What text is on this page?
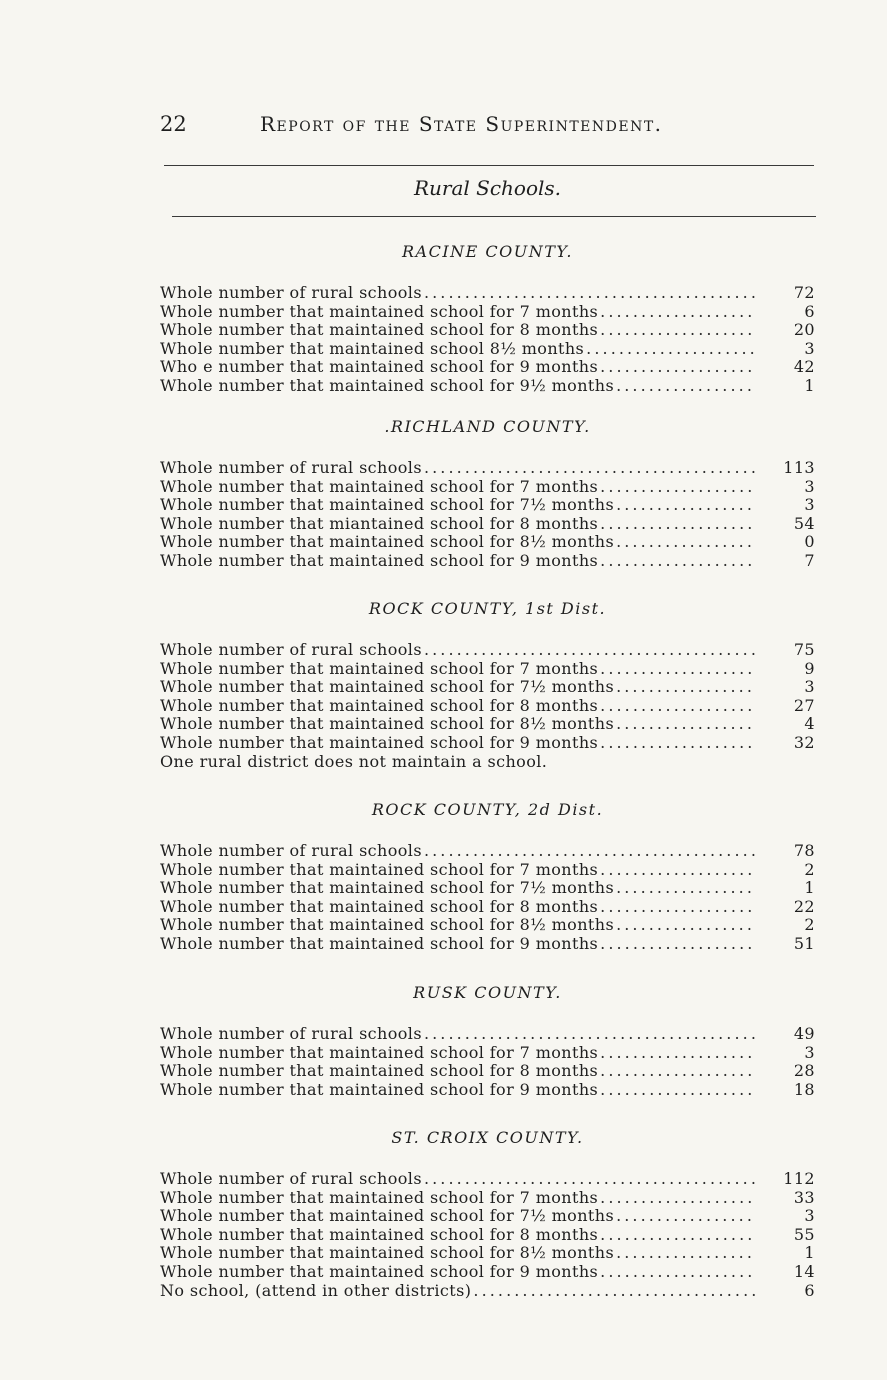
22	Report of the State Superintendent.
Rural Schools.
RACINE COUNTY.
Whole number of rural schools . . .	72
Whole number that maintained school for 7 months . . .	6
Whole number that maintained school for 8 months . . .	20
Whole number that maintained school 8½ months . . .	3
Who e number that maintained school for 9 months . . .	42
Whole number that maintained school for 9½ months . . .	1
.RICHLAND COUNTY.
Whole number of rural schools . . .	113
Whole number that maintained school for 7 months . . .	3
Whole number that maintained school for 7½ months . . .	3
Whole number that miantained school for 8 months . . .	54
Whole number that maintained school for 8½ months . . .	0
Whole number that maintained school for 9 months . . .	7
ROCK COUNTY, 1st Dist.
Whole number of rural schools . . .	75
Whole number that maintained school for 7 months . . .	9
Whole number that maintained school for 7½ months . . .	3
Whole number that maintained school for 8 months . . .	27
Whole number that maintained school for 8½ months . . .	4
Whole number that maintained school for 9 months . . .	32
One rural district does not maintain a school.
ROCK COUNTY, 2d Dist.
Whole number of rural schools . . .	78
Whole number that maintained school for 7 months . . .	2
Whole number that maintained school for 7½ months . . .	1
Whole number that maintained school for 8 months . . .	22
Whole number that maintained school for 8½ months . . .	2
Whole number that maintained school for 9 months . . .	51
RUSK COUNTY.
Whole number of rural schools . . .	49
Whole number that maintained school for 7 months . . .	3
Whole number that maintained school for 8 months . . .	28
Whole number that maintained school for 9 months . . .	18
ST. CROIX COUNTY.
Whole number of rural schools . . .	112
Whole number that maintained school for 7 months . . .	33
Whole number that maintained school for 7½ months . . .	3
Whole number that maintained school for 8 months . . .	55
Whole number that maintained school for 8½ months . . .	1
Whole number that maintained school for 9 months . . .	14
No school, (attend in other districts) . . .	6
